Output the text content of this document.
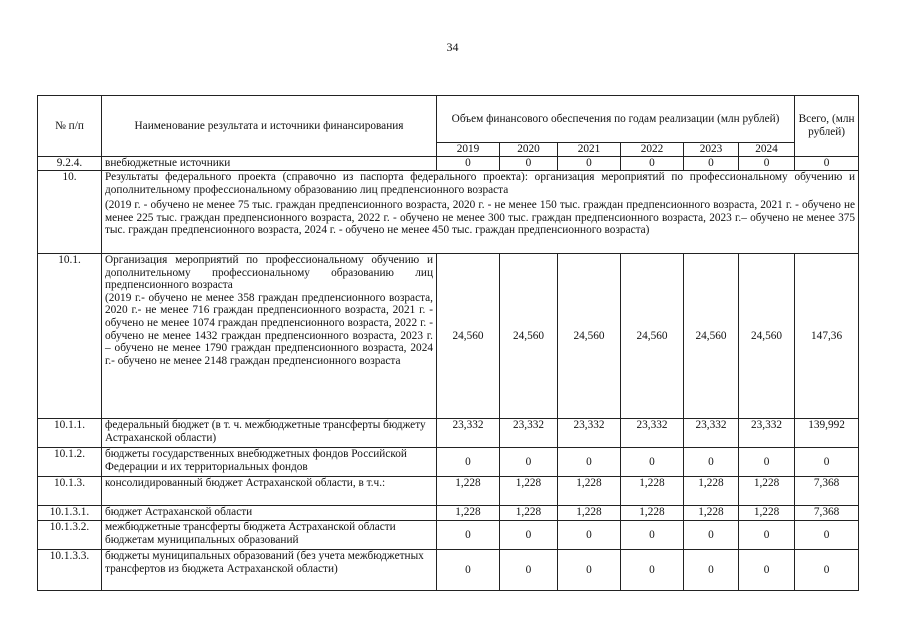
34
№ п/п	Наименование результата и источники финансирования	Объем финансового обеспечения по годам реализации (млн рублей)						Всего, (млн рублей)
		2019	2020	2021	2022	2023	2024	
9.2.4.	внебюджетные источники	0	0	0	0	0	0	0
10.	Результаты федерального проекта (справочно из паспорта федерального проекта): организация мероприятий по профессиональному обучению и дополнительному профессиональному образованию лиц предпенсионного возраста
(2019 г. - обучено не менее 75 тыс. граждан предпенсионного возраста, 2020 г. - не менее 150 тыс. граждан предпенсионного возраста, 2021 г. - обучено не менее 225 тыс. граждан предпенсионного возраста, 2022 г. - обучено не менее 300 тыс. граждан предпенсионного возраста, 2023 г.– обучено не менее 375 тыс. граждан предпенсионного возраста, 2024 г. - обучено не менее 450 тыс. граждан предпенсионного возраста)							

10.1.	Организация мероприятий по профессиональному обучению и дополнительному профессиональному образованию лиц предпенсионного возраста
(2019 г.- обучено не менее 358 граждан предпенсионного возраста, 2020 г.- не менее 716 граждан предпенсионного возраста, 2021 г. - обучено не менее 1074 граждан предпенсионного возраста, 2022 г. - обучено не менее 1432 граждан предпенсионного возраста, 2023 г. – обучено не менее 1790 граждан предпенсионного возраста, 2024 г.- обучено не менее 2148 граждан предпенсионного возраста	24,560	24,560	24,560	24,560	24,560	24,560	147,36
10.1.1.	федеральный бюджет (в т. ч. межбюджетные трансферты бюджету Астраханской области)	23,332	23,332	23,332	23,332	23,332	23,332	139,992
10.1.2.	бюджеты государственных внебюджетных фондов Российской Федерации и их территориальных фондов	0	0	0	0	0	0	0
10.1.3.	консолидированный бюджет Астраханской области, в т.ч.:	1,228	1,228	1,228	1,228	1,228	1,228	7,368
10.1.3.1.	бюджет Астраханской области	1,228	1,228	1,228	1,228	1,228	1,228	7,368
10.1.3.2.	межбюджетные трансферты бюджета Астраханской области бюджетам муниципальных образований	0	0	0	0	0	0	0
10.1.3.3.	бюджеты муниципальных образований (без учета межбюджетных трансфертов из бюджета Астраханской области)	0	0	0	0	0	0	0
